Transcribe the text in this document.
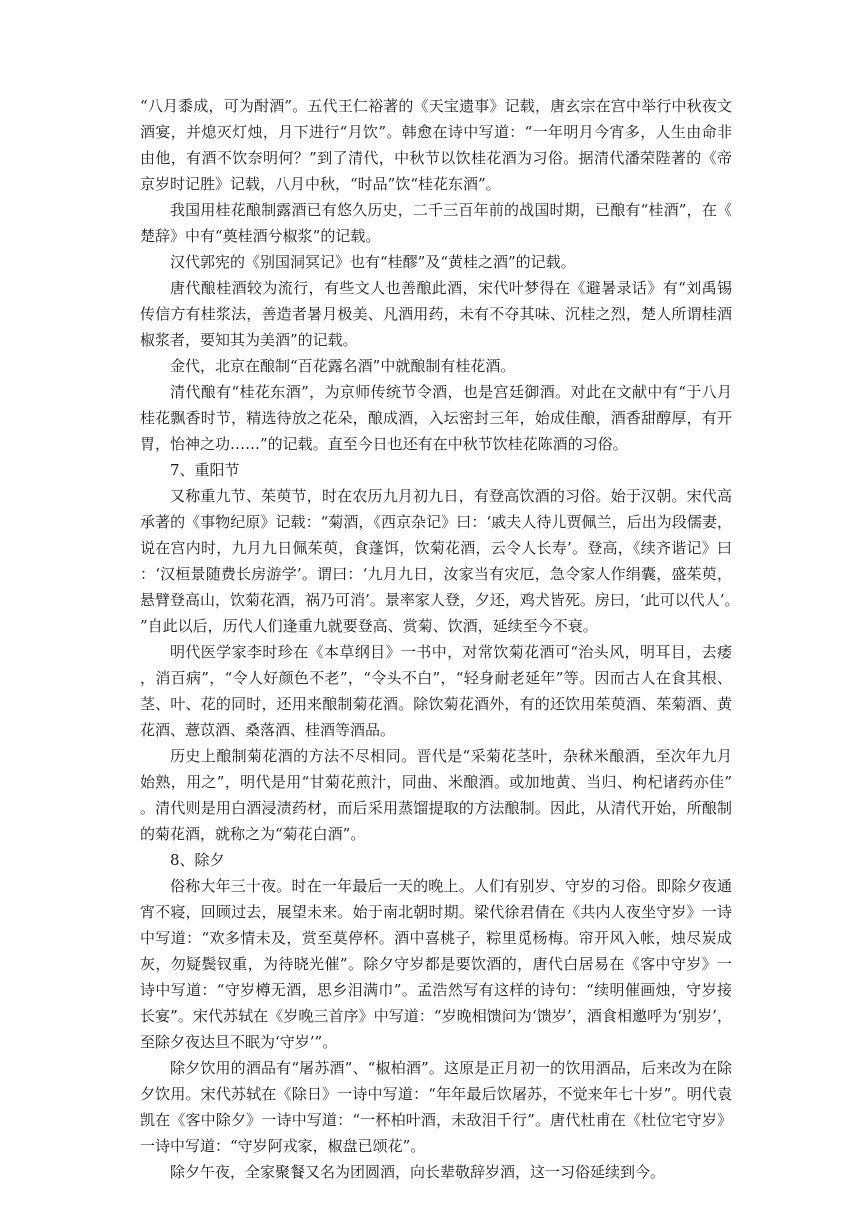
“八月黍成，可为酎酒”。五代王仁裕著的《天宝遗事》记载，唐玄宗在宫中举行中秋夜文酒宴，并熄灭灯烛，月下进行“月饮”。韩愈在诗中写道：“一年明月今宵多，人生由命非由他，有酒不饮奈明何？”到了清代，中秋节以饮桂花酒为习俗。据清代潘荣陛著的《帝京岁时记胜》记载，八月中秋，“时品”饮“桂花东酒”。

我国用桂花酿制露酒已有悠久历史，二千三百年前的战国时期，已酿有“桂酒”，在《楚辞》中有“奠桂酒兮椒浆”的记载。

汉代郭宪的《别国洞冥记》也有“桂醪”及“黄桂之酒”的记载。

唐代酿桂酒较为流行，有些文人也善酿此酒，宋代叶梦得在《避暑录话》有“刘禹锡传信方有桂浆法，善造者暑月极美、凡酒用药，未有不夺其味、沉桂之烈，楚人所谓桂酒椒浆者，要知其为美酒”的记载。

金代，北京在酿制“百花露名酒”中就酿制有桂花酒。

清代酿有“桂花东酒”，为京师传统节令酒，也是宫廷御酒。对此在文献中有“于八月桂花飘香时节，精选待放之花朵，酿成酒，入坛密封三年，始成佳酿，酒香甜醇厚，有开胃，怡神之功……”的记载。直至今日也还有在中秋节饮桂花陈酒的习俗。

7、重阳节

又称重九节、茱萸节，时在农历九月初九日，有登高饮酒的习俗。始于汉朝。宋代高承著的《事物纪原》记载：“菊酒，《西京杂记》曰：‘戚夫人待儿贾佩兰，后出为段儒妻，说在宫内时，九月九日佩茱萸，食蓬饵，饮菊花酒，云令人长寿’。登高，《续齐谐记》曰：‘汉桓景随费长房游学’。谓曰：‘九月九日，汝家当有灾厄，急令家人作绢囊，盛茱萸，悬臂登高山，饮菊花酒，祸乃可消’。景率家人登，夕还，鸡犬皆死。房曰，‘此可以代人’。”自此以后，历代人们逢重九就要登高、赏菊、饮酒，延续至今不衰。

明代医学家李时珍在《本草纲目》一书中，对常饮菊花酒可“治头风，明耳目，去痿，消百病”，“令人好颜色不老”，“令头不白”，“轻身耐老延年”等。因而古人在食其根、茎、叶、花的同时，还用来酿制菊花酒。除饮菊花酒外，有的还饮用茱萸酒、茱菊酒、黄花酒、薏苡酒、桑落酒、桂酒等酒品。

历史上酿制菊花酒的方法不尽相同。晋代是“采菊花茎叶，杂秫米酿酒，至次年九月始熟，用之”，明代是用“甘菊花煎汁，同曲、米酿酒。或加地黄、当归、枸杞诸药亦佳”。清代则是用白酒浸渍药材，而后采用蒸馏提取的方法酿制。因此，从清代开始，所酿制的菊花酒，就称之为“菊花白酒”。

8、除夕

俗称大年三十夜。时在一年最后一天的晚上。人们有别岁、守岁的习俗。即除夕夜通宵不寝，回顾过去，展望未来。始于南北朝时期。梁代徐君倩在《共内人夜坐守岁》一诗中写道：“欢多情未及，赏至莫停杯。酒中喜桃子，粽里觅杨梅。帘开风入帐，烛尽炭成灰，勿疑鬓钗重，为待晓光催”。除夕守岁都是要饮酒的，唐代白居易在《客中守岁》一诗中写道：“守岁樽无酒，思乡泪满巾”。孟浩然写有这样的诗句：“续明催画烛，守岁接长宴”。宋代苏轼在《岁晚三首序》中写道：“岁晚相馈问为‘馈岁’，酒食相邀呼为‘别岁’，至除夕夜达旦不眠为‘守岁’”。

除夕饮用的酒品有“屠苏酒”、“椒柏酒”。这原是正月初一的饮用酒品，后来改为在除夕饮用。宋代苏轼在《除日》一诗中写道：“年年最后饮屠苏，不觉来年七十岁”。明代袁凯在《客中除夕》一诗中写道：“一杯柏叶酒，未敌泪千行”。唐代杜甫在《杜位宅守岁》一诗中写道：“守岁阿戎家，椒盘已颂花”。

除夕午夜，全家聚餐又名为团圆酒，向长辈敬辞岁酒，这一习俗延续到今。
